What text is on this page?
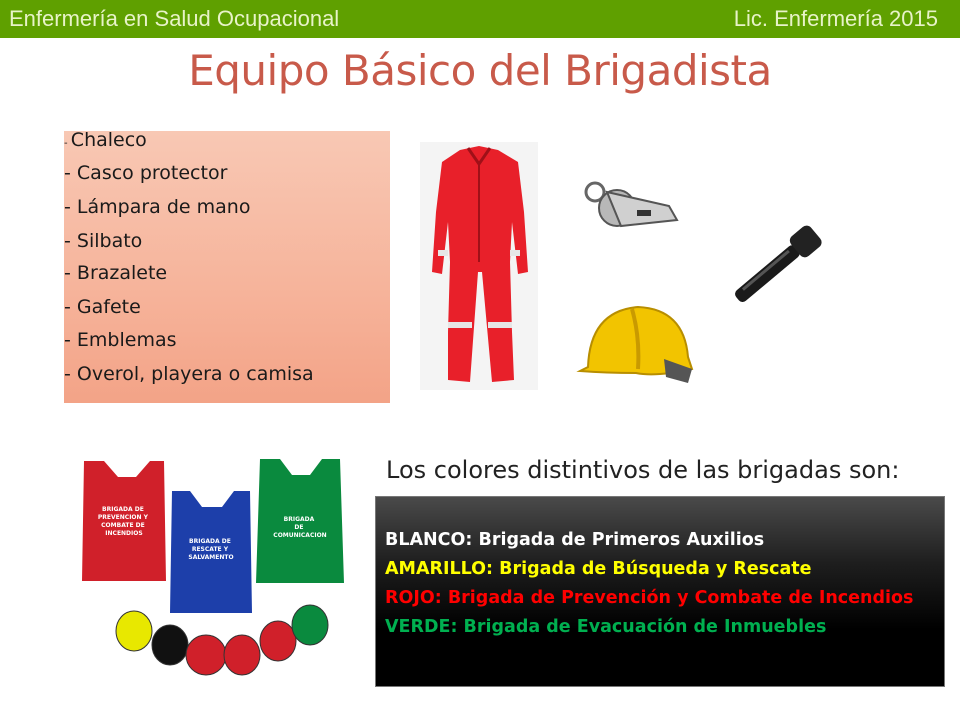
Enfermería en Salud Ocupacional	Lic. Enfermería 2015
Equipo Básico del Brigadista
- Chaleco
- Casco protector
- Lámpara de mano
- Silbato
- Brazalete
- Gafete
- Emblemas
- Overol, playera o camisa
BRIGADA DE PREVENCION Y COMBATE DE INCENDIOS
BRIGADA DE COMUNICACION
BRIGADA DE RESCATE Y SALVAMENTO
Los colores distintivos de las brigadas son:
BLANCO: Brigada de Primeros Auxilios
AMARILLO: Brigada de Búsqueda y Rescate
ROJO: Brigada de Prevención y Combate de Incendios
VERDE: Brigada de Evacuación de Inmuebles
